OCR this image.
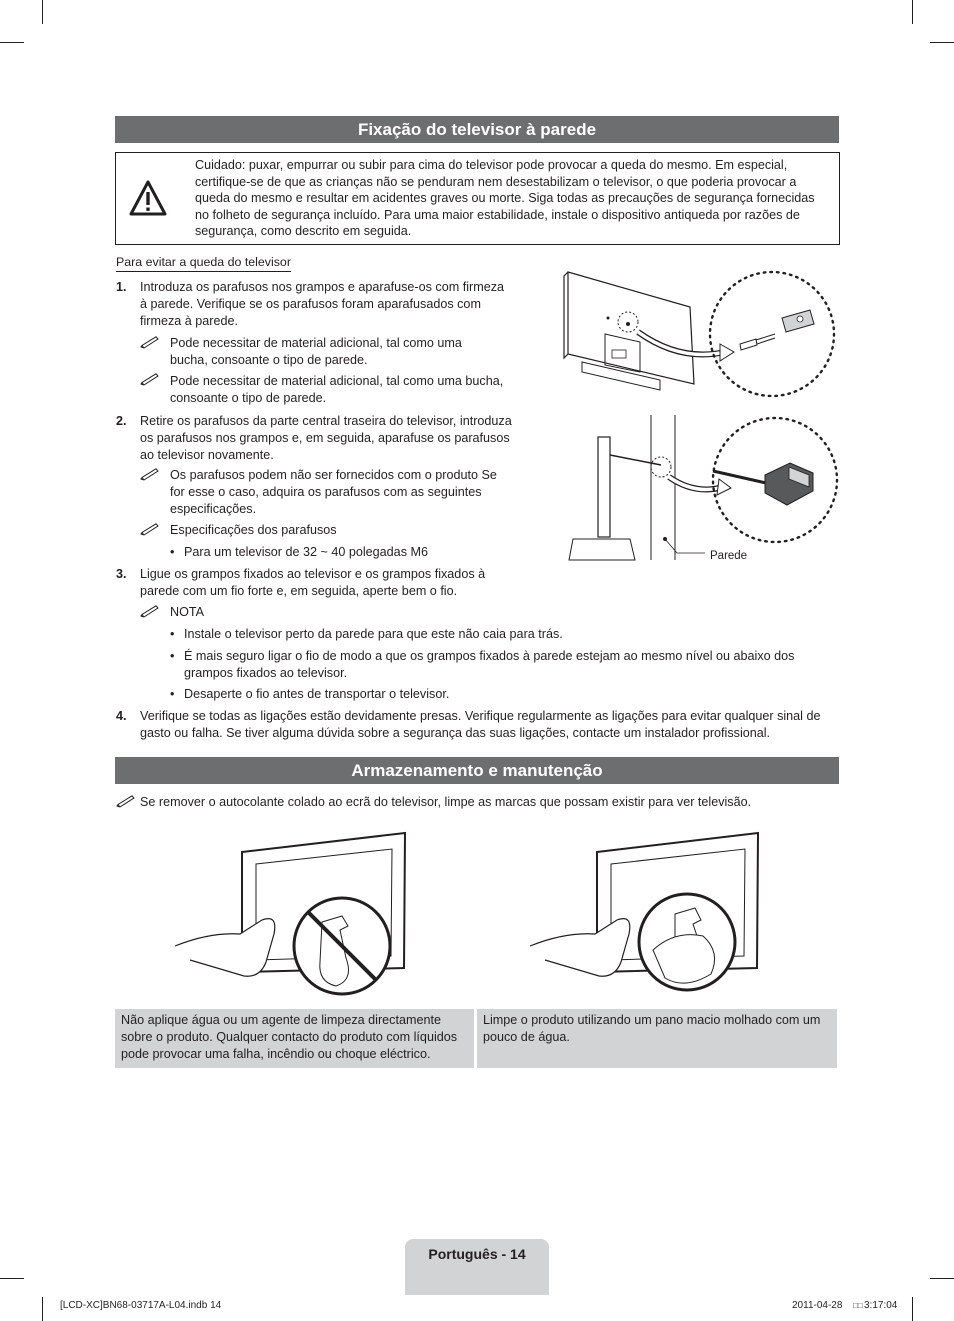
Fixação do televisor à parede
Cuidado: puxar, empurrar ou subir para cima do televisor pode provocar a queda do mesmo. Em especial, certifique-se de que as crianças não se penduram nem desestabilizam o televisor, o que poderia provocar a queda do mesmo e resultar em acidentes graves ou morte. Siga todas as precauções de segurança fornecidas no folheto de segurança incluído. Para uma maior estabilidade, instale o dispositivo antiqueda por razões de segurança, como descrito em seguida.
Para evitar a queda do televisor
1. Introduza os parafusos nos grampos e aparafuse-os com firmeza à parede. Verifique se os parafusos foram aparafusados com firmeza à parede.
Pode necessitar de material adicional, tal como uma bucha, consoante o tipo de parede.
Pode necessitar de material adicional, tal como uma bucha, consoante o tipo de parede.
2. Retire os parafusos da parte central traseira do televisor, introduza os parafusos nos grampos e, em seguida, aparafuse os parafusos ao televisor novamente.
Os parafusos podem não ser fornecidos com o produto Se for esse o caso, adquira os parafusos com as seguintes especificações.
Especificações dos parafusos
• Para um televisor de 32 ~ 40 polegadas M6
3. Ligue os grampos fixados ao televisor e os grampos fixados à parede com um fio forte e, em seguida, aperte bem o fio.
NOTA
• Instale o televisor perto da parede para que este não caia para trás.
• É mais seguro ligar o fio de modo a que os grampos fixados à parede estejam ao mesmo nível ou abaixo dos grampos fixados ao televisor.
• Desaperte o fio antes de transportar o televisor.
4. Verifique se todas as ligações estão devidamente presas. Verifique regularmente as ligações para evitar qualquer sinal de gasto ou falha. Se tiver alguma dúvida sobre a segurança das suas ligações, contacte um instalador profissional.
Parede
Armazenamento e manutenção
Se remover o autocolante colado ao ecrã do televisor, limpe as marcas que possam existir para ver televisão.
Não aplique água ou um agente de limpeza directamente sobre o produto. Qualquer contacto do produto com líquidos pode provocar uma falha, incêndio ou choque eléctrico.
Limpe o produto utilizando um pano macio molhado com um pouco de água.
Português - 14
[LCD-XC]BN68-03717A-L04.indb 14	2011-04-28 □□ 3:17:04
